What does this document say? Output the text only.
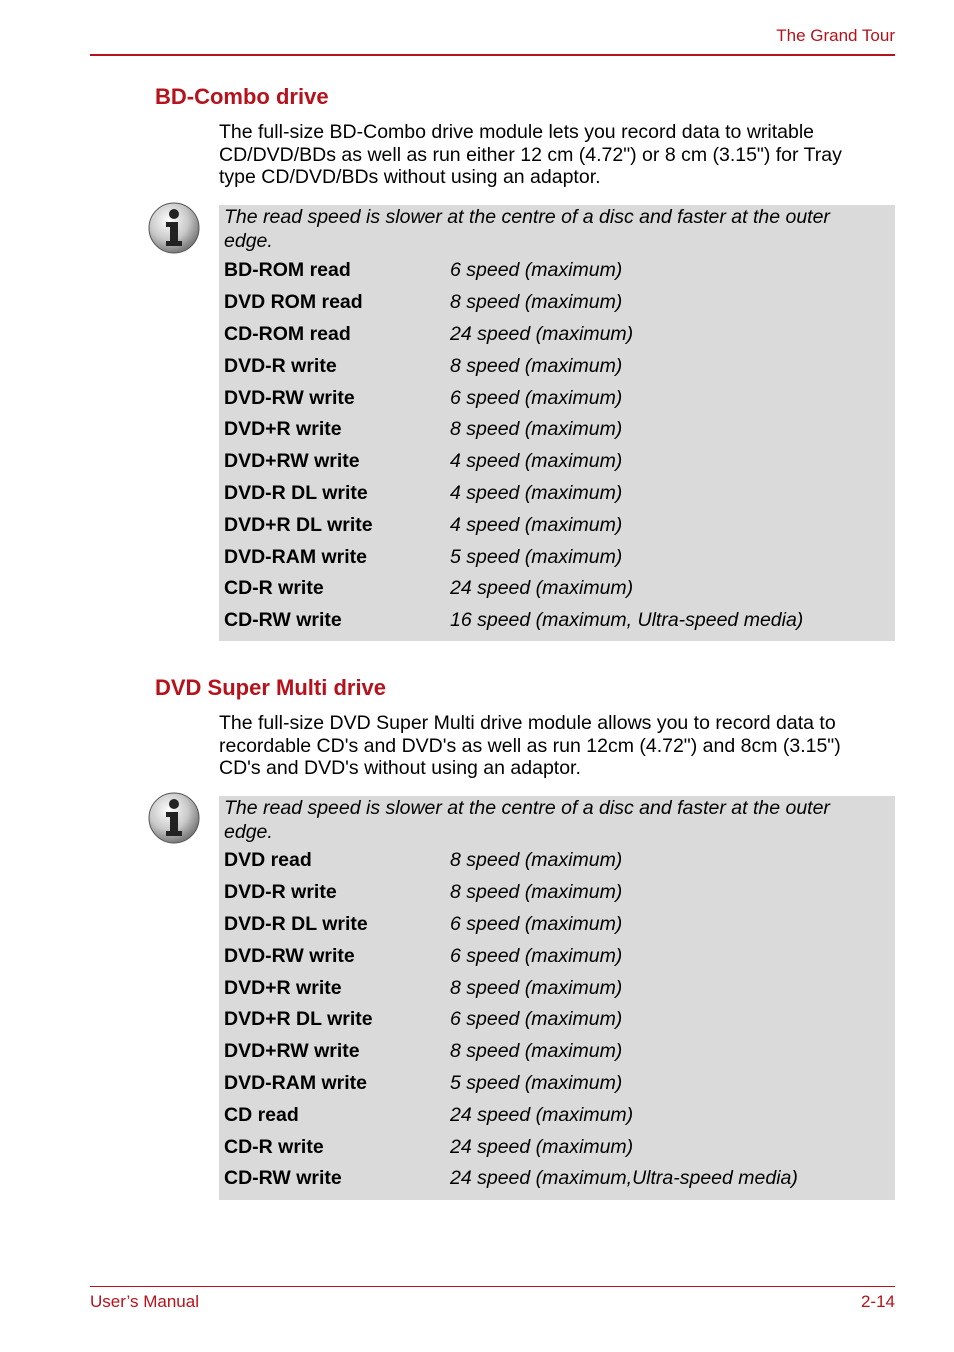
The Grand Tour
BD-Combo drive
The full-size BD-Combo drive module lets you record data to writable CD/DVD/BDs as well as run either 12 cm (4.72") or 8 cm (3.15") for Tray type CD/DVD/BDs without using an adaptor.
The read speed is slower at the centre of a disc and faster at the outer edge.
BD-ROM read	6 speed (maximum)
DVD ROM read	8 speed (maximum)
CD-ROM read	24 speed (maximum)
DVD-R write	8 speed (maximum)
DVD-RW write	6 speed (maximum)
DVD+R write	8 speed (maximum)
DVD+RW write	4 speed (maximum)
DVD-R DL write	4 speed (maximum)
DVD+R DL write	4 speed (maximum)
DVD-RAM write	5 speed (maximum)
CD-R write	24 speed (maximum)
CD-RW write	16 speed (maximum, Ultra-speed media)
DVD Super Multi drive
The full-size DVD Super Multi drive module allows you to record data to recordable CD's and DVD's as well as run 12cm (4.72") and 8cm (3.15") CD's and DVD's without using an adaptor.
The read speed is slower at the centre of a disc and faster at the outer edge.
DVD read	8 speed (maximum)
DVD-R write	8 speed (maximum)
DVD-R DL write	6 speed (maximum)
DVD-RW write	6 speed (maximum)
DVD+R write	8 speed (maximum)
DVD+R DL write	6 speed (maximum)
DVD+RW write	8 speed (maximum)
DVD-RAM write	5 speed (maximum)
CD read	24 speed (maximum)
CD-R write	24 speed (maximum)
CD-RW write	24 speed (maximum,Ultra-speed media)
User’s Manual	2-14
